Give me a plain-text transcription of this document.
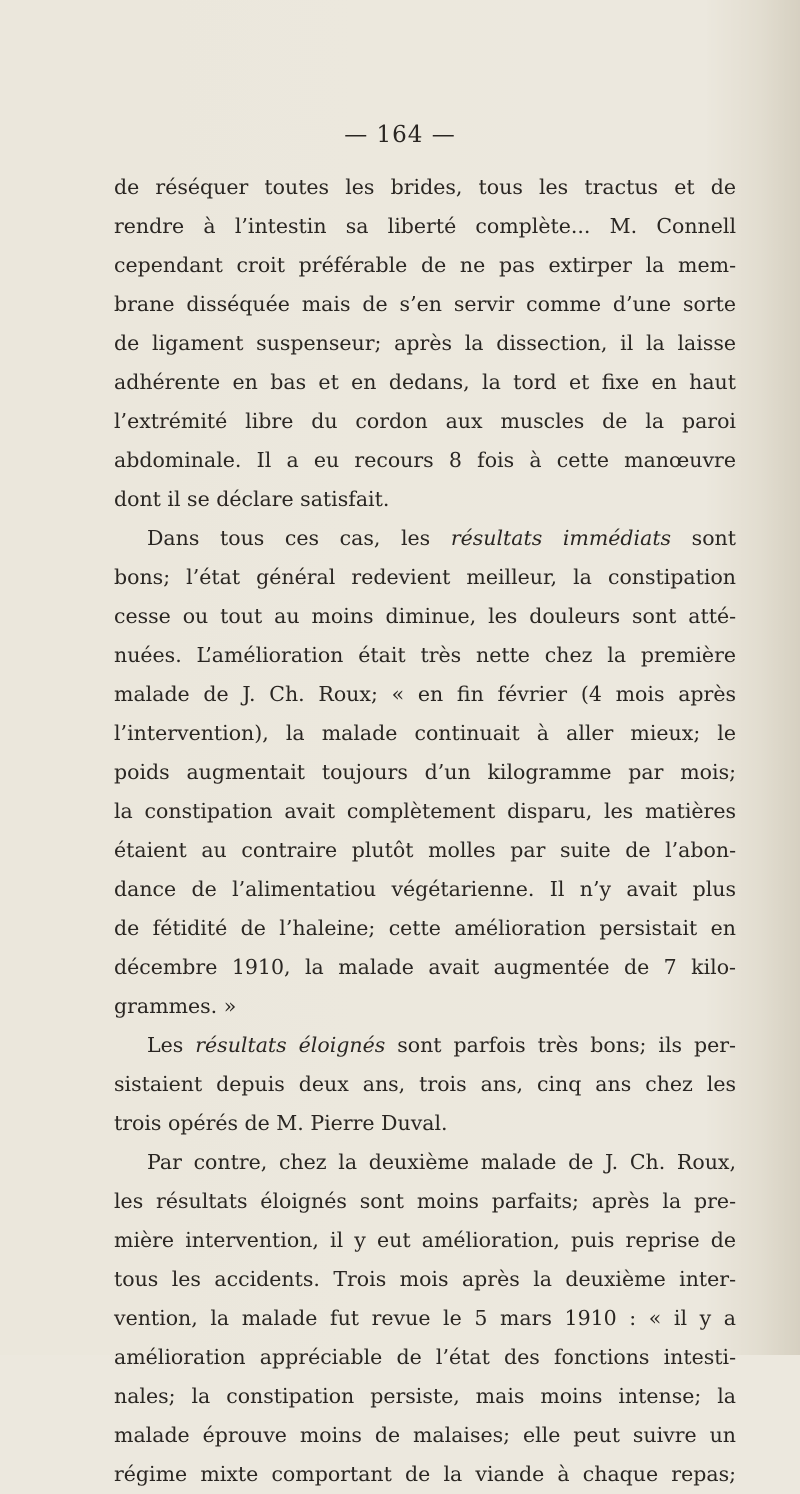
— 164 —
de réséquer toutes les brides, tous les tractus et de
rendre à l’intestin sa liberté complète... M. Connell
cependant croit préférable de ne pas extirper la mem-
brane disséquée mais de s’en servir comme d’une sorte
de ligament suspenseur; après la dissection, il la laisse
adhérente en bas et en dedans, la tord et fixe en haut
l’extrémité libre du cordon aux muscles de la paroi
abdominale. Il a eu recours 8 fois à cette manœuvre
dont il se déclare satisfait.
Dans tous ces cas, les résultats immédiats sont
bons; l’état général redevient meilleur, la constipation
cesse ou tout au moins diminue, les douleurs sont atté-
nuées. L’amélioration était très nette chez la première
malade de J. Ch. Roux; « en fin février (4 mois après
l’intervention), la malade continuait à aller mieux; le
poids augmentait toujours d’un kilogramme par mois;
la constipation avait complètement disparu, les matières
étaient au contraire plutôt molles par suite de l’abon-
dance de l’alimentatiou végétarienne. Il n’y avait plus
de fétidité de l’haleine; cette amélioration persistait en
décembre 1910, la malade avait augmentée de 7 kilo-
grammes. »
Les résultats éloignés sont parfois très bons; ils per-
sistaient depuis deux ans, trois ans, cinq ans chez les
trois opérés de M. Pierre Duval.
Par contre, chez la deuxième malade de J. Ch. Roux,
les résultats éloignés sont moins parfaits; après la pre-
mière intervention, il y eut amélioration, puis reprise de
tous les accidents. Trois mois après la deuxième inter-
vention, la malade fut revue le 5 mars 1910 : « il y a
amélioration appréciable de l’état des fonctions intesti-
nales; la constipation persiste, mais moins intense; la
malade éprouve moins de malaises; elle peut suivre un
régime mixte comportant de la viande à chaque repas;
